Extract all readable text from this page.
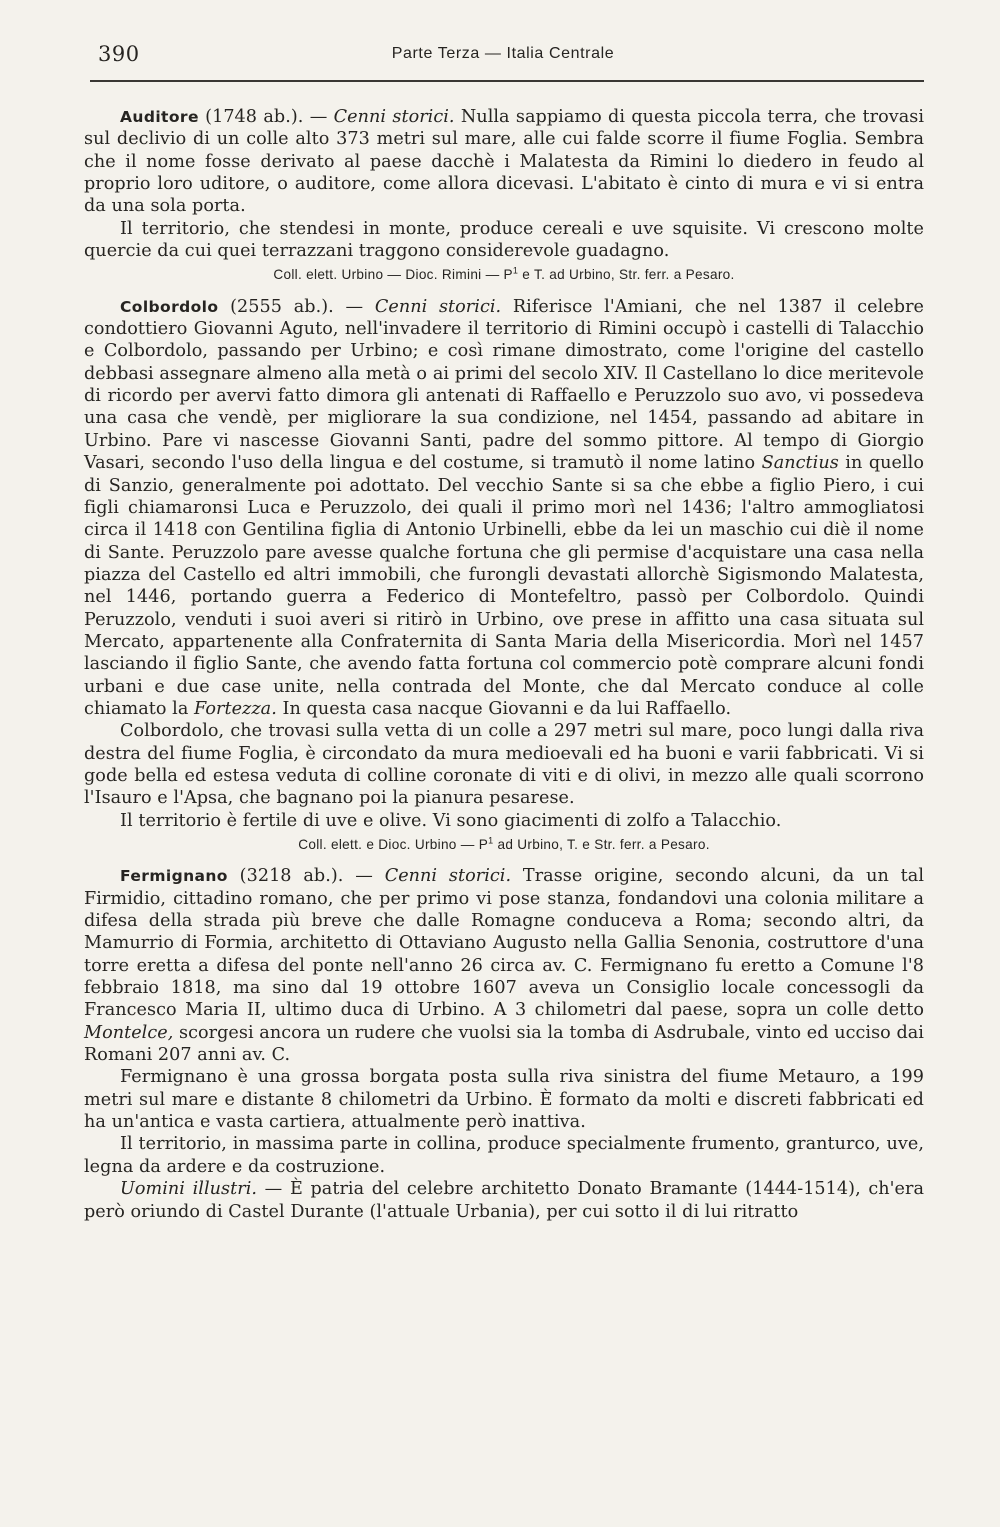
390	Parte Terza — Italia Centrale

Auditore (1748 ab.). — Cenni storici. Nulla sappiamo di questa piccola terra, che trovasi sul declivio di un colle alto 373 metri sul mare, alle cui falde scorre il fiume Foglia. Sembra che il nome fosse derivato al paese dacchè i Malatesta da Rimini lo diedero in feudo al proprio loro uditore, o auditore, come allora dicevasi. L'abitato è cinto di mura e vi si entra da una sola porta.

Il territorio, che stendesi in monte, produce cereali e uve squisite. Vi crescono molte quercie da cui quei terrazzani traggono considerevole guadagno.

Coll. elett. Urbino — Dioc. Rimini — $P^1$ e T. ad Urbino, Str. ferr. a Pesaro.

Colbordolo (2555 ab.). — Cenni storici. Riferisce l'Amiani, che nel 1387 il celebre condottiero Giovanni Aguto, nell'invadere il territorio di Rimini occupò i castelli di Talacchio e Colbordolo, passando per Urbino; e così rimane dimostrato, come l'origine del castello debbasi assegnare almeno alla metà o ai primi del secolo XIV. Il Castellano lo dice meritevole di ricordo per avervi fatto dimora gli antenati di Raffaello e Peruzzolo suo avo, vi possedeva una casa che vendè, per migliorare la sua condizione, nel 1454, passando ad abitare in Urbino. Pare vi nascesse Giovanni Santi, padre del sommo pittore. Al tempo di Giorgio Vasari, secondo l'uso della lingua e del costume, si tramutò il nome latino Sanctius in quello di Sanzio, generalmente poi adottato. Del vecchio Sante si sa che ebbe a figlio Piero, i cui figli chiamaronsi Luca e Peruzzolo, dei quali il primo morì nel 1436; l'altro ammogliatosi circa il 1418 con Gentilina figlia di Antonio Urbinelli, ebbe da lei un maschio cui diè il nome di Sante. Peruzzolo pare avesse qualche fortuna che gli permise d'acquistare una casa nella piazza del Castello ed altri immobili, che furongli devastati allorchè Sigismondo Malatesta, nel 1446, portando guerra a Federico di Montefeltro, passò per Colbordolo. Quindi Peruzzolo, venduti i suoi averi si ritirò in Urbino, ove prese in affitto una casa situata sul Mercato, appartenente alla Confraternita di Santa Maria della Misericordia. Morì nel 1457 lasciando il figlio Sante, che avendo fatta fortuna col commercio potè comprare alcuni fondi urbani e due case unite, nella contrada del Monte, che dal Mercato conduce al colle chiamato la Fortezza. In questa casa nacque Giovanni e da lui Raffaello.

Colbordolo, che trovasi sulla vetta di un colle a 297 metri sul mare, poco lungi dalla riva destra del fiume Foglia, è circondato da mura medioevali ed ha buoni e varii fabbricati. Vi si gode bella ed estesa veduta di colline coronate di viti e di olivi, in mezzo alle quali scorrono l'Isauro e l'Apsa, che bagnano poi la pianura pesarese.

Il territorio è fertile di uve e olive. Vi sono giacimenti di zolfo a Talacchio.

Coll. elett. e Dioc. Urbino — $P^1$ ad Urbino, T. e Str. ferr. a Pesaro.

Fermignano (3218 ab.). — Cenni storici. Trasse origine, secondo alcuni, da un tal Firmidio, cittadino romano, che per primo vi pose stanza, fondandovi una colonia militare a difesa della strada più breve che dalle Romagne conduceva a Roma; secondo altri, da Mamurrio di Formia, architetto di Ottaviano Augusto nella Gallia Senonia, costruttore d'una torre eretta a difesa del ponte nell'anno 26 circa av. C. Fermignano fu eretto a Comune l'8 febbraio 1818, ma sino dal 19 ottobre 1607 aveva un Consiglio locale concessogli da Francesco Maria II, ultimo duca di Urbino. A 3 chilometri dal paese, sopra un colle detto Montelce, scorgesi ancora un rudere che vuolsi sia la tomba di Asdrubale, vinto ed ucciso dai Romani 207 anni av. C.

Fermignano è una grossa borgata posta sulla riva sinistra del fiume Metauro, a 199 metri sul mare e distante 8 chilometri da Urbino. È formato da molti e discreti fabbricati ed ha un'antica e vasta cartiera, attualmente però inattiva.

Il territorio, in massima parte in collina, produce specialmente frumento, granturco, uve, legna da ardere e da costruzione.

Uomini illustri. — È patria del celebre architetto Donato Bramante (1444-1514), ch'era però oriundo di Castel Durante (l'attuale Urbania), per cui sotto il di lui ritratto
